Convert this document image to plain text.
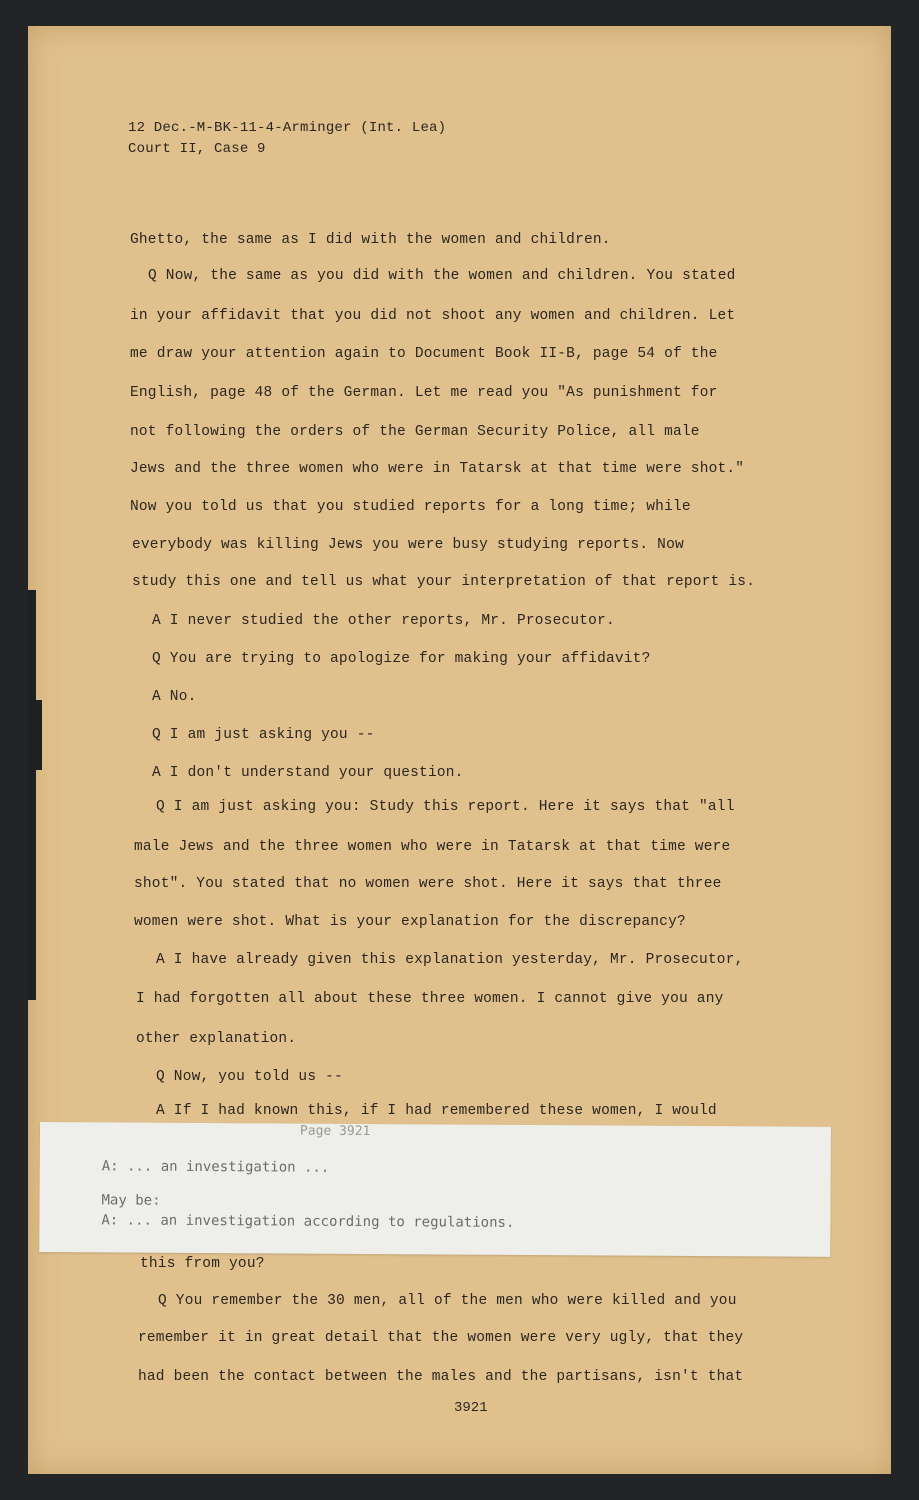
12 Dec.-M-BK-11-4-Arminger (Int. Lea)
Court II, Case 9
Ghetto, the same as I did with the women and children.
Q Now, the same as you did with the women and children. You stated
in your affidavit that you did not shoot any women and children. Let
me draw your attention again to Document Book II-B, page 54 of the
English, page 48 of the German. Let me read you "As punishment for
not following the orders of the German Security Police, all male
Jews and the three women who were in Tatarsk at that time were shot."
Now you told us that you studied reports for a long time; while
everybody was killing Jews you were busy studying reports. Now
study this one and tell us what your interpretation of that report is.
A I never studied the other reports, Mr. Prosecutor.
Q You are trying to apologize for making your affidavit?
A No.
Q I am just asking you --
A I don't understand your question.
Q I am just asking you: Study this report. Here it says that "all
male Jews and the three women who were in Tatarsk at that time were
shot". You stated that no women were shot. Here it says that three
women were shot. What is your explanation for the discrepancy?
A I have already given this explanation yesterday, Mr. Prosecutor,
I had forgotten all about these three women. I cannot give you any
other explanation.
Q Now, you told us --
A If I had known this, if I had remembered these women, I would
Page 3921
A: ... an investigation ...
May be:
A: ... an investigation according to regulations.
this from you?
Q You remember the 30 men, all of the men who were killed and you
remember it in great detail that the women were very ugly, that they
had been the contact between the males and the partisans, isn't that
3921
